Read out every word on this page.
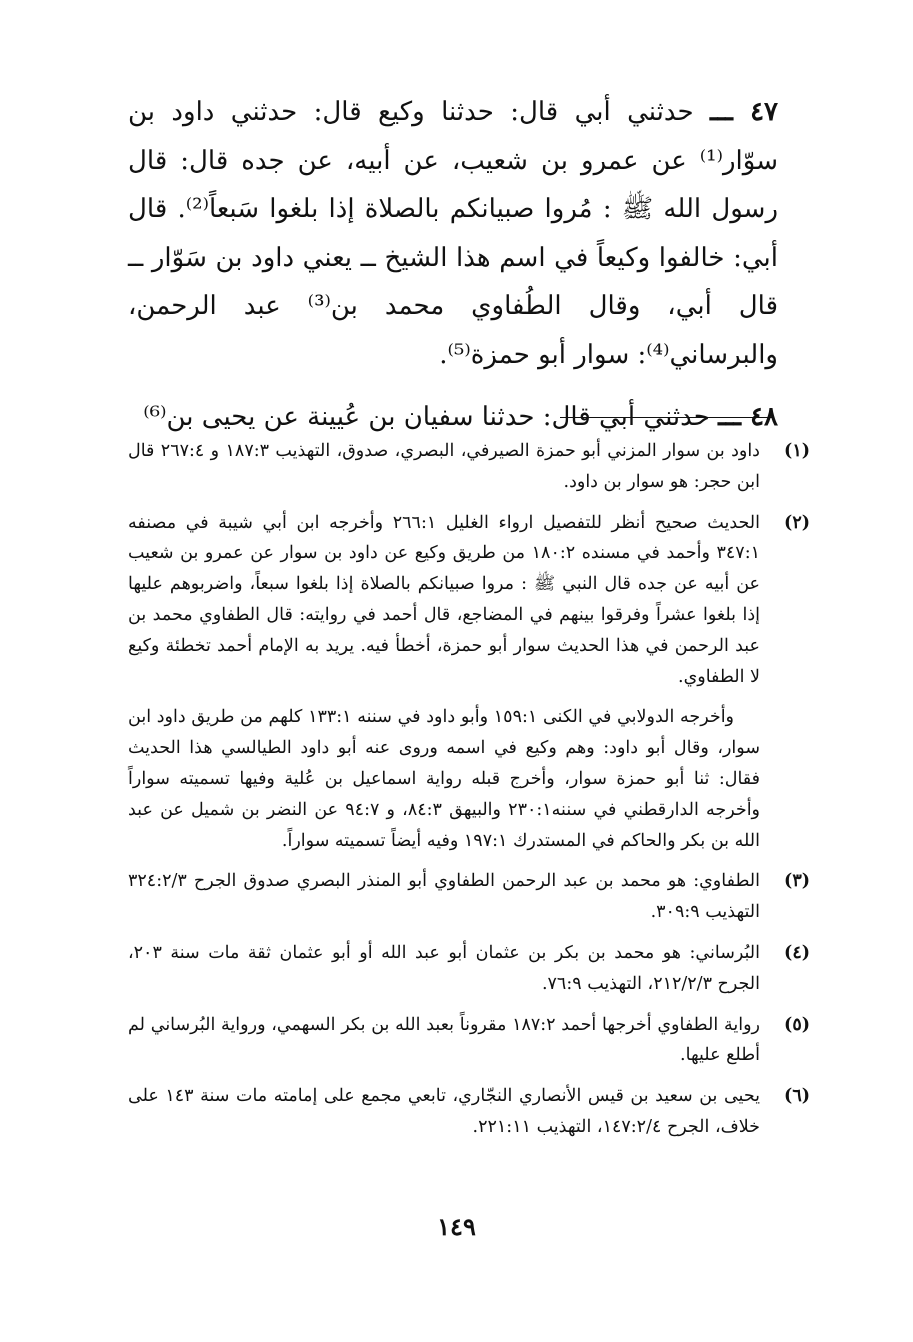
٤٧ ـــ حدثني أبي قال: حدثنا وكيع قال: حدثني داود بن سوّار⁽¹⁾ عن عمرو بن شعيب، عن أبيه، عن جده قال: قال رسول الله ﷺ : مُروا صبيانكم بالصلاة إذا بلغوا سَبعاً⁽²⁾. قال أبي: خالفوا وكيعاً في اسم هذا الشيخ ــ يعني داود بن سَوّار ــ قال أبي، وقال الطُفاوي محمد بن⁽³⁾ عبد الرحمن، والبرساني⁽⁴⁾: سوار أبو حمزة⁽⁵⁾.

٤٨ ـــ حدثني أبي قال: حدثنا سفيان بن عُيينة عن يحيى بن⁽⁶⁾

(١)

داود بن سوار المزني أبو حمزة الصيرفي، البصري، صدوق، التهذيب ١٨٧:٣ و ٢٦٧:٤ قال ابن حجر: هو سوار بن داود.

(٢)

الحديث صحيح أنظر للتفصيل ارواء الغليل ٢٦٦:١ وأخرجه ابن أبي شيبة في مصنفه ٣٤٧:١ وأحمد في مسنده ١٨٠:٢ من طريق وكيع عن داود بن سوار عن عمرو بن شعيب عن أبيه عن جده قال النبي ﷺ : مروا صبيانكم بالصلاة إذا بلغوا سبعاً، واضربوهم عليها إذا بلغوا عشراً وفرقوا بينهم في المضاجع، قال أحمد في روايته: قال الطفاوي محمد بن عبد الرحمن في هذا الحديث سوار أبو حمزة، أخطأ فيه. يريد به الإمام أحمد تخطئة وكيع لا الطفاوي.

وأخرجه الدولابي في الكنى ١٥٩:١ وأبو داود في سننه ١٣٣:١ كلهم من طريق داود ابن سوار، وقال أبو داود: وهم وكيع في اسمه وروى عنه أبو داود الطيالسي هذا الحديث فقال: ثنا أبو حمزة سوار، وأخرج قبله رواية اسماعيل بن عُلية وفيها تسميته سواراً وأخرجه الدارقطني في سننه٢٣٠:١ والبيهق ٨٤:٣، و ٩٤:٧ عن النضر بن شميل عن عبد الله بن بكر والحاكم في المستدرك ١٩٧:١ وفيه أيضاً تسميته سواراً.

(٣)

الطفاوي: هو محمد بن عبد الرحمن الطفاوي أبو المنذر البصري صدوق الجرح ٣٢٤:٢/٣ التهذيب ٣٠٩:٩.

(٤)

البُرساني: هو محمد بن بكر بن عثمان أبو عبد الله أو أبو عثمان ثقة مات سنة ٢٠٣، الجرح ٢١٢/٢/٣، التهذيب ٧٦:٩.

(٥)

رواية الطفاوي أخرجها أحمد ١٨٧:٢ مقروناً بعبد الله بن بكر السهمي، ورواية البُرساني لم أطلع عليها.

(٦)

يحيى بن سعيد بن قيس الأنصاري النجّاري، تابعي مجمع على إمامته مات سنة ١٤٣ على خلاف، الجرح ١٤٧:٢/٤، التهذيب ٢٢١:١١.

١٤٩
